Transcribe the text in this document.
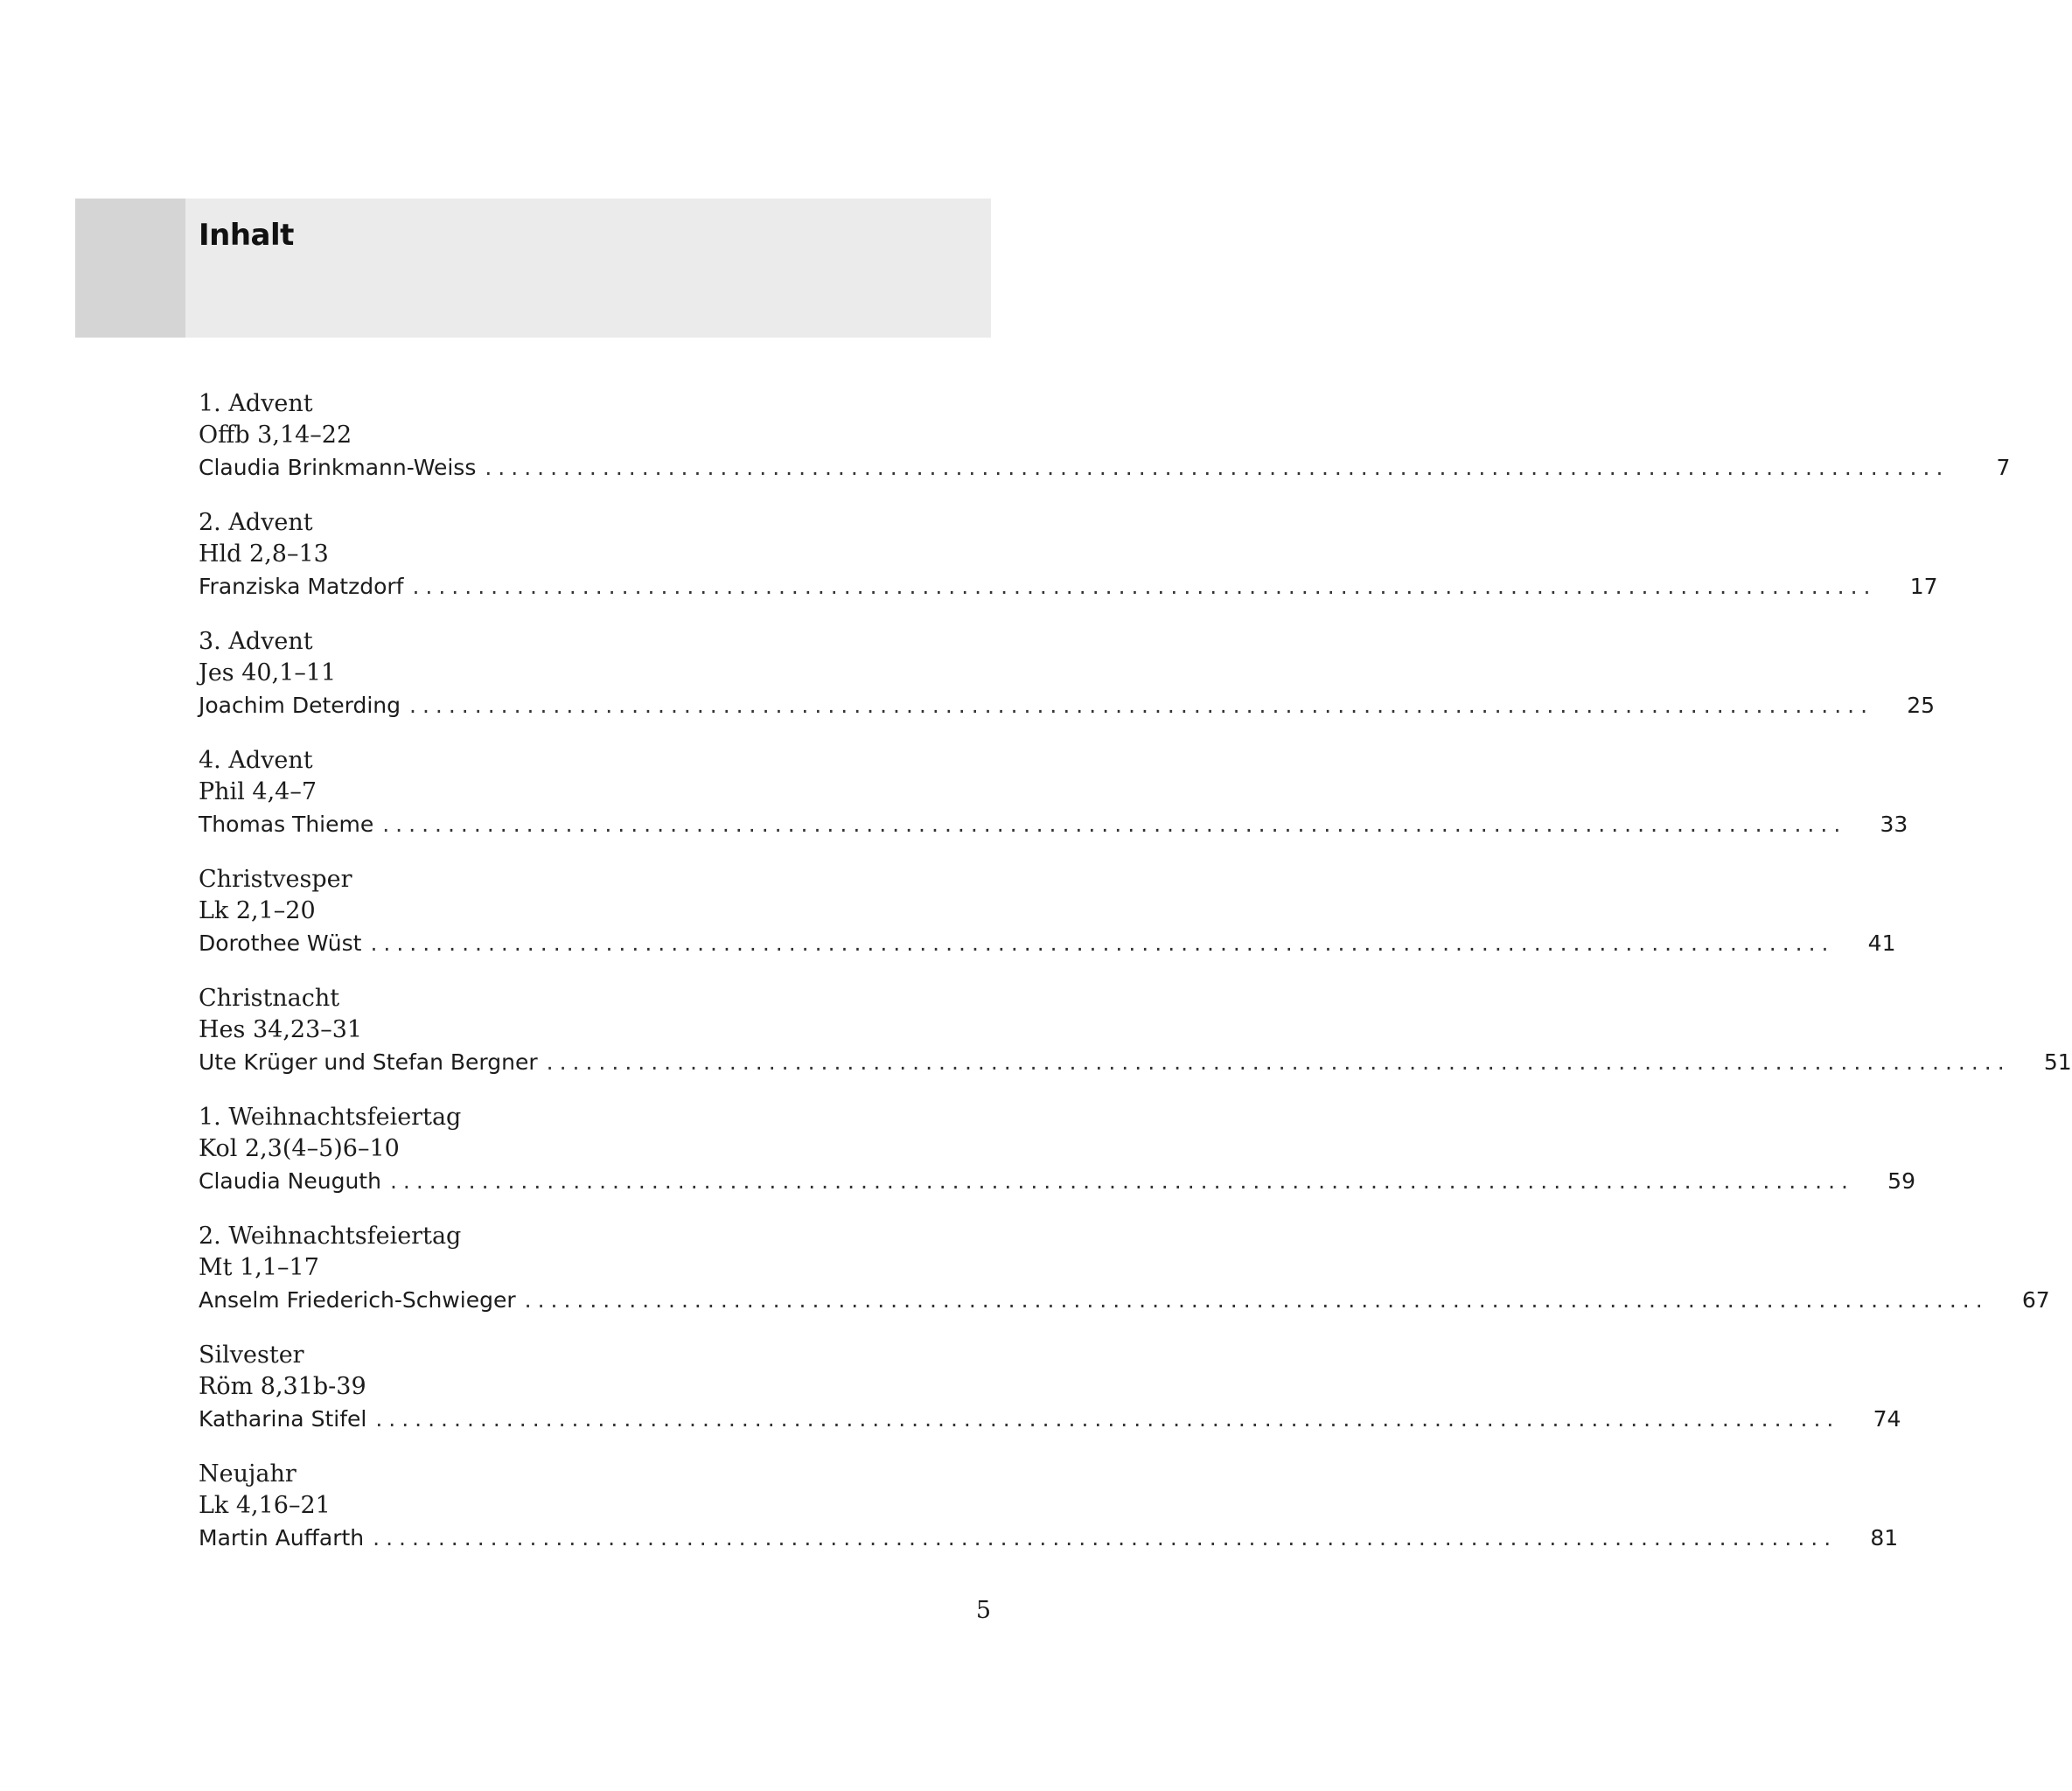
Inhalt
1. Advent
Offb 3,14–22
Claudia Brinkmann-Weiss ................................................................................................................	7
2. Advent
Hld 2,8–13
Franziska Matzdorf ................................................................................................................	17
3. Advent
Jes 40,1–11
Joachim Deterding ................................................................................................................	25
4. Advent
Phil 4,4–7
Thomas Thieme ................................................................................................................	33
Christvesper
Lk 2,1–20
Dorothee Wüst ................................................................................................................	41
Christnacht
Hes 34,23–31
Ute Krüger und Stefan Bergner ................................................................................................................	51
1. Weihnachtsfeiertag
Kol 2,3(4–5)6–10
Claudia Neuguth ................................................................................................................	59
2. Weihnachtsfeiertag
Mt 1,1–17
Anselm Friederich-Schwieger ................................................................................................................	67
Silvester
Röm 8,31b-39
Katharina Stifel ................................................................................................................	74
Neujahr
Lk 4,16–21
Martin Auffarth ................................................................................................................	81
5
